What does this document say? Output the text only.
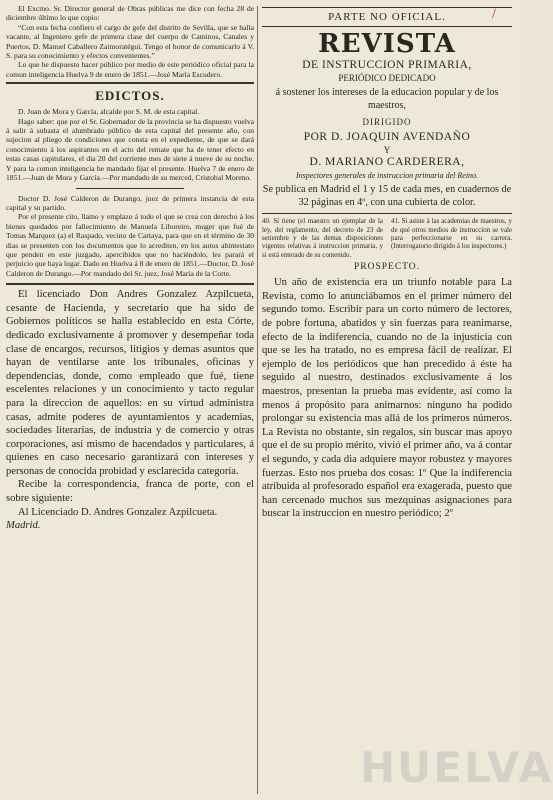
/

El Excmo. Sr. Director general de Obras públicas me dice con fecha 28 de diciembre último lo que copio:

“Con esta fecha confiero el cargo de gefe del distrito de Sevilla, que se halla vacante, al Ingeniero gefe de primera clase del cuerpo de Caminos, Canales y Puertos, D. Manuel Caballero Zaimoratégui. Tengo el honor de comunicarlo á V. S. para su conocimiento y efectos convenientes.”

Lo que he dispuesto hacer público por medio de este periódico oficial para la comun inteligencia Huelva 9 de enero de 1851.—José María Escudero.

EDICTOS.

D. Juan de Mora y García, alcalde por S. M. de esta capital.

Hago saber: que por el Sr. Gobernador de la provincia se ha dispuesto vuelva á salir á subasta el alumbrado público de esta capital del presente año, con sujecion al pliego de condiciones que consta en el expediente, de que se dará conocimiento á los aspirantes en el acto del remate que ha de tener efecto en estas casas capitulares, el dia 20 del corriente mes de siete á nueve de su noche. Y para la comun inteligencia he mandado fijar el presente. Huelva 7 de enero de 1851.—Juan de Mora y García.—Por mandado de su merced, Cristobal Moreno.

Doctor D. José Calderon de Durango, juez de primera instancia de esta capital y su partido.

Por el presente cito, llamo y emplazo á todo el que se crea con derecho á los bienes quedados por fallecimiento de Manuela Liboreiro, muger que fué de Tomas Marquez (a) el Raspado, vecino de Cartaya, para que en el término de 30 dias se presenten con los documentos que lo acrediten, en los autos abintestato que penden en este juzgado, apercibidos que no haciéndolo, les parará el perjuicio que haya lugar. Dado en Huelva á 8 de enero de 1851.—Doctor, D. José Calderon de Durango.—Por mandado del Sr. juez, José María de la Corte.

El licenciado Don Andres Gonzalez Azpilcueta, cesante de Hacienda, y secretario que ha sido de Gobiernos políticos se halla establecido en esta Córte, dedicado exclusivamente á promover y desempeñar toda clase de encargos, recursos, litigios y demas asuntos que hayan de ventilarse ante los tribunales, oficinas y dependencias, donde, como empleado que fué, tiene escelentes relaciones y un conocimiento y tacto regular para la direccion de aquellos: en su virtud administra casas, admite poderes de ayuntamientos y academias, sociedades literarias, de industria y de comercio y otras corporaciones, así mismo de hacendados y particulares, á quienes en caso necesario garantizará con intereses y personas de conocida probidad y esclarecida categoría.

Recibe la correspondencia, franca de porte, con el sobre siguiente:

Al Licenciado D. Andres Gonzalez Azpilcueta. Madrid.

PARTE NO OFICIAL.
REVISTA
DE INSTRUCCION PRIMARIA,
PERIÓDICO DEDICADO
á sostener los intereses de la educacion popular y de los maestros,
DIRIGIDO
POR D. JOAQUIN AVENDAÑO
Y
D. MARIANO CARDERERA,
Inspectores generales de instruccion primaria del Reino.
Se publica en Madrid el 1 y 15 de cada mes, en cuadernos de 32 páginas en 4º, con una cubierta de color.

40. Si tiene (el maestro un ejemplar de la ley, del reglamento, del decreto de 23 de setiembre y de las demas disposiciones vigentes relativas á instruccion primaria, y si está enterado de su contenido.

41. Si asiste á las academias de maestros, y de qué otros medios de instruccion se vale para perfeccionarse en su carrera. (Interrogatorio dirigido á los inspectores.)

PROSPECTO.

Un año de existencia era un triunfo notable para La Revista, como lo anunciábamos en el primer número del segundo tomo. Escribir para un corto número de lectores, de pobre fortuna, abatidos y sin fuerzas para reanimarse, efecto de la indiferencia, cuando no de la injusticia con que se les ha tratado, no es empresa fácil de realizar. El ejemplo de los periódicos que han precedido á éste ha seguido al nuestro, destinados exclusivamente á los maestros, presentan la prueba mas evidente, así como la menos á propósito para animarnos: ninguno ha podido prolongar su existencia mas allá de los primeros números. La Revista no obstante, sin regalos, sin buscar mas apoyo que el de su propio mérito, vivió el primer año, va á contar el segundo, y cada dia adquiere mayor robustez y mayores fuerzas. Esto nos prueba dos cosas: 1º Que la indiferencia atribuida al profesorado español era exagerada, puesto que han cercenado muchos sus mezquinas asignaciones para buscar la instruccion en nuestro periódico; 2º

HUELVA
